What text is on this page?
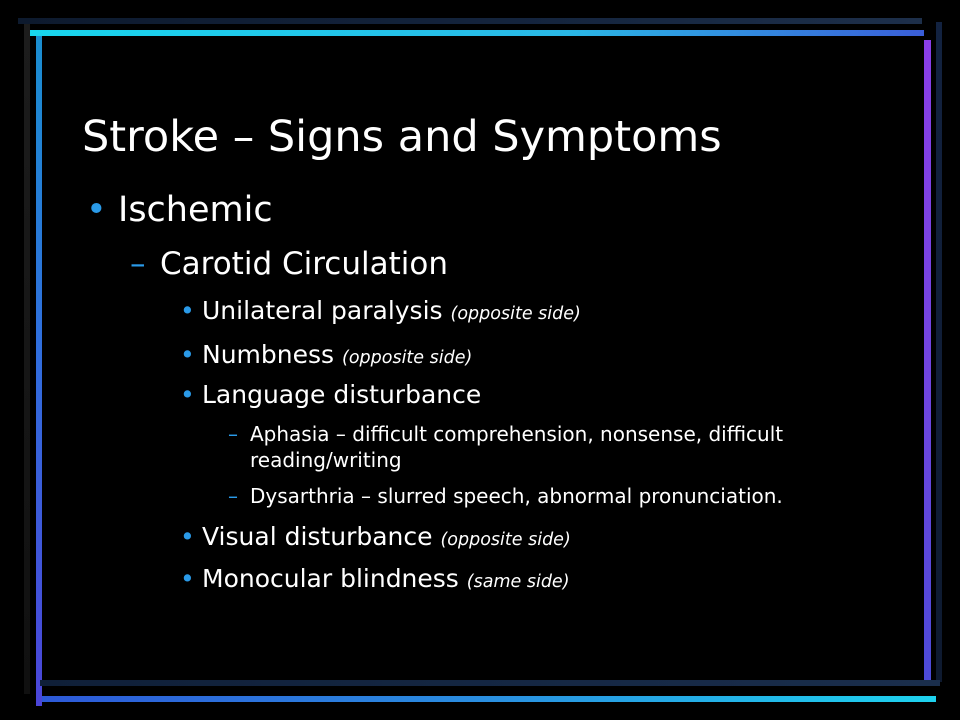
Stroke – Signs and Symptoms
• Ischemic
– Carotid Circulation
• Unilateral paralysis (opposite side)
• Numbness (opposite side)
• Language disturbance
– Aphasia – difficult comprehension, nonsense, difficult
reading/writing
– Dysarthria – slurred speech, abnormal pronunciation.
• Visual disturbance (opposite side)
• Monocular blindness (same side)
